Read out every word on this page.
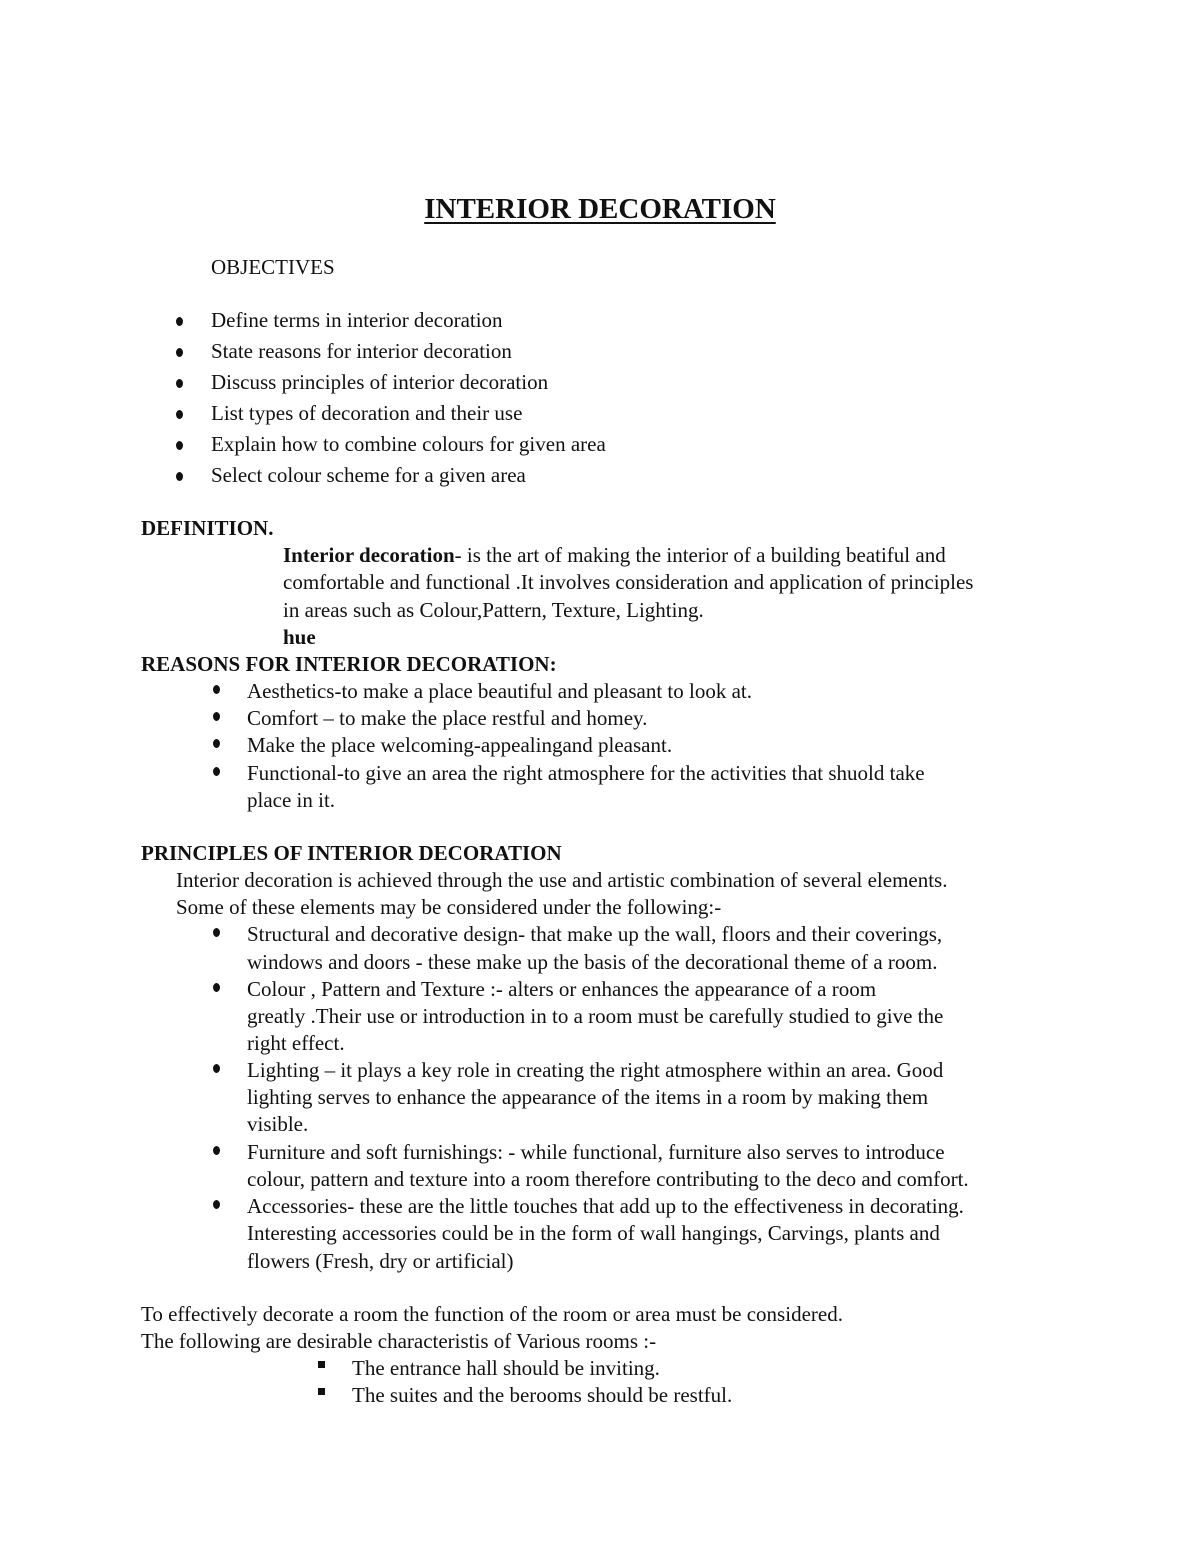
INTERIOR DECORATION
OBJECTIVES
Define terms in interior decoration
State reasons for interior decoration
Discuss principles of interior decoration
List types of decoration and their use
Explain how to combine colours for given area
Select colour scheme for a given area
DEFINITION.
Interior decoration- is the art of making the interior of a building beatiful and
comfortable and functional .It involves consideration and application of principles
in areas such as Colour,Pattern, Texture, Lighting.
hue
REASONS FOR INTERIOR DECORATION:
Aesthetics-to make a place beautiful and pleasant to look at.
Comfort – to make the place restful and homey.
Make the place welcoming-appealingand pleasant.
Functional-to give an area the right atmosphere for the activities that shuold take
place in it.
PRINCIPLES OF INTERIOR DECORATION
Interior decoration is achieved through the use and artistic combination of several elements.
Some of these elements may be considered under the following:-
Structural and decorative design- that make up the wall, floors and their coverings,
windows and doors - these make up the basis of the decorational theme of a room.
Colour , Pattern and Texture :- alters or enhances the appearance of a room
greatly .Their use or introduction in to a room must be carefully studied to give the
right effect.
Lighting – it plays a key role in creating the right atmosphere within an area. Good
lighting serves to enhance the appearance of the items in a room by making them
visible.
Furniture and soft furnishings: - while functional, furniture also serves to introduce
colour, pattern and texture into a room therefore contributing to the deco and comfort.
Accessories- these are the little touches that add up to the effectiveness in decorating.
Interesting accessories could be in the form of wall hangings, Carvings, plants and
flowers (Fresh, dry or artificial)
To effectively decorate a room the function of the room or area must be considered.
The following are desirable characteristis of Various rooms :-
The entrance hall should be inviting.
The suites and the berooms should be restful.
